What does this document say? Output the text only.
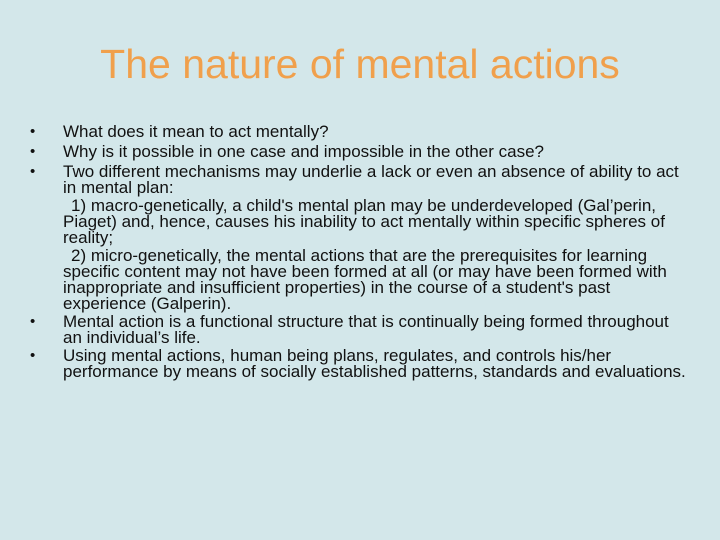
The nature of mental actions
•	What does it mean to act mentally?
•	Why is it possible in one case and impossible in the other case?
•	Two different mechanisms may underlie a lack or even an absence of ability to act in mental plan:
1) macro-genetically, a child's mental plan may be underdeveloped (Gal’perin, Piaget) and, hence, causes his inability to act mentally within specific spheres of reality;
2) micro-genetically, the mental actions that are the prerequisites for learning specific content may not have been formed at all (or may have been formed with inappropriate and insufficient properties) in the course of a student's past experience (Galperin).
•	Mental action is a functional structure that is continually being formed throughout an individual’s life.
•	Using mental actions, human being plans, regulates, and controls his/her performance by means of socially established patterns, standards and evaluations.
